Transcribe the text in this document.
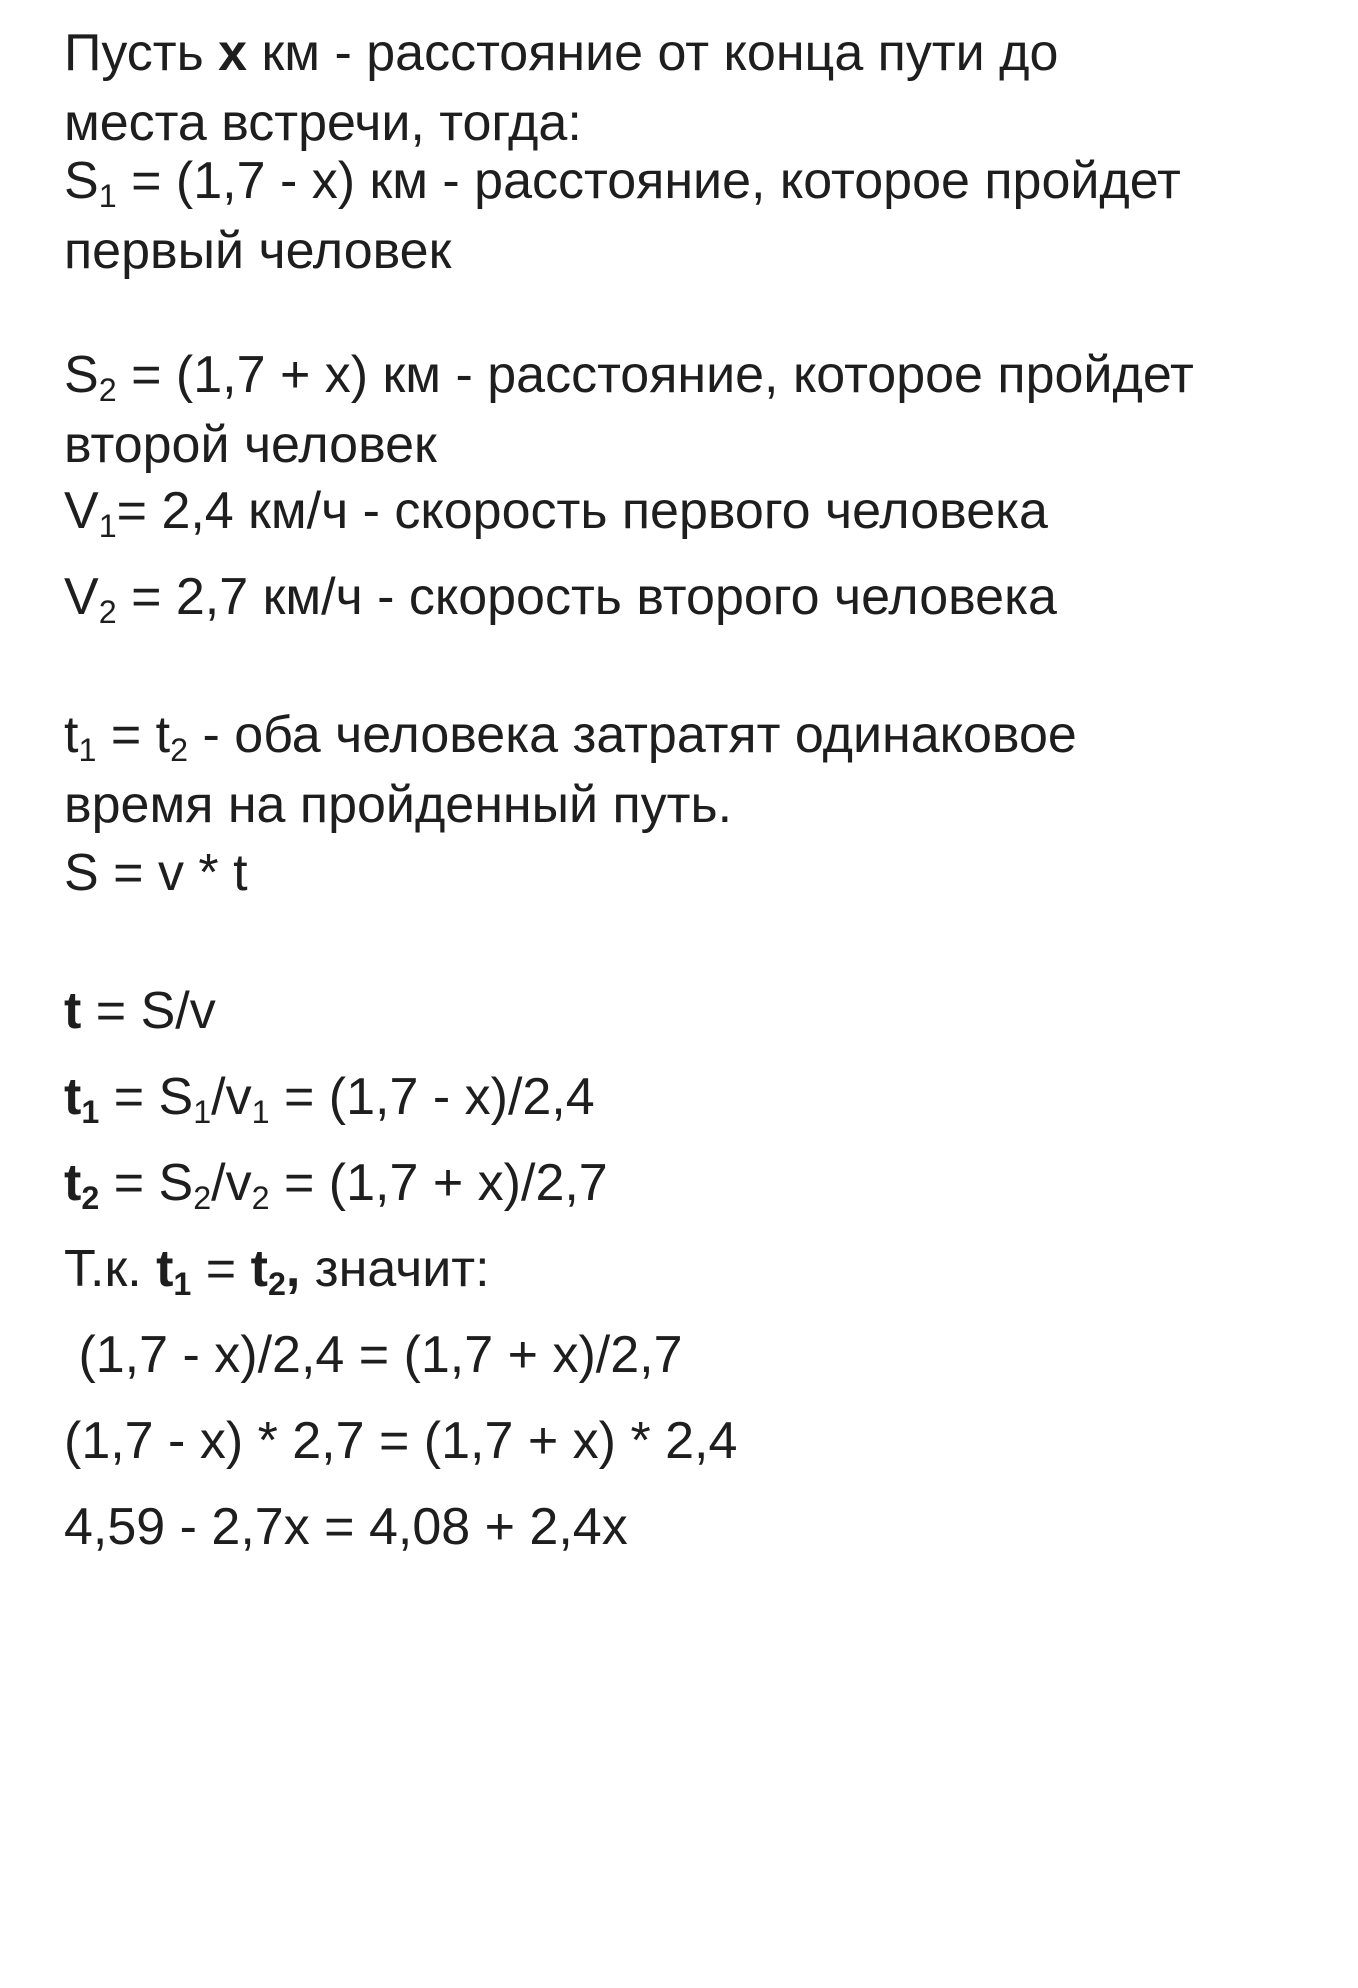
Пусть x км - расстояние от конца пути до

места встречи, тогда:

$S_1 = (1,7 - x)$ км - расстояние, которое пройдет

первый человек

$S_2 = (1,7 + x)$ км - расстояние, которое пройдет

второй человек

$V_1= 2,4$ км/ч - скорость первого человека

$V_2 = 2,7$ км/ч - скорость второго человека

$t_1 = t_2$ - оба человека затратят одинаковое

время на пройденный путь.

S = v * t

t = S/v

$t_1 = S_1/v_1 = (1,7 - x)/2,4$

$t_2 = S_2/v_2 = (1,7 + x)/2,7$

Т.к. $t_1 = t_2$, значит:

(1,7 - x)/2,4 = (1,7 + x)/2,7

(1,7 - x) * 2,7 = (1,7 + x) * 2,4

4,59 - 2,7x = 4,08 + 2,4x
